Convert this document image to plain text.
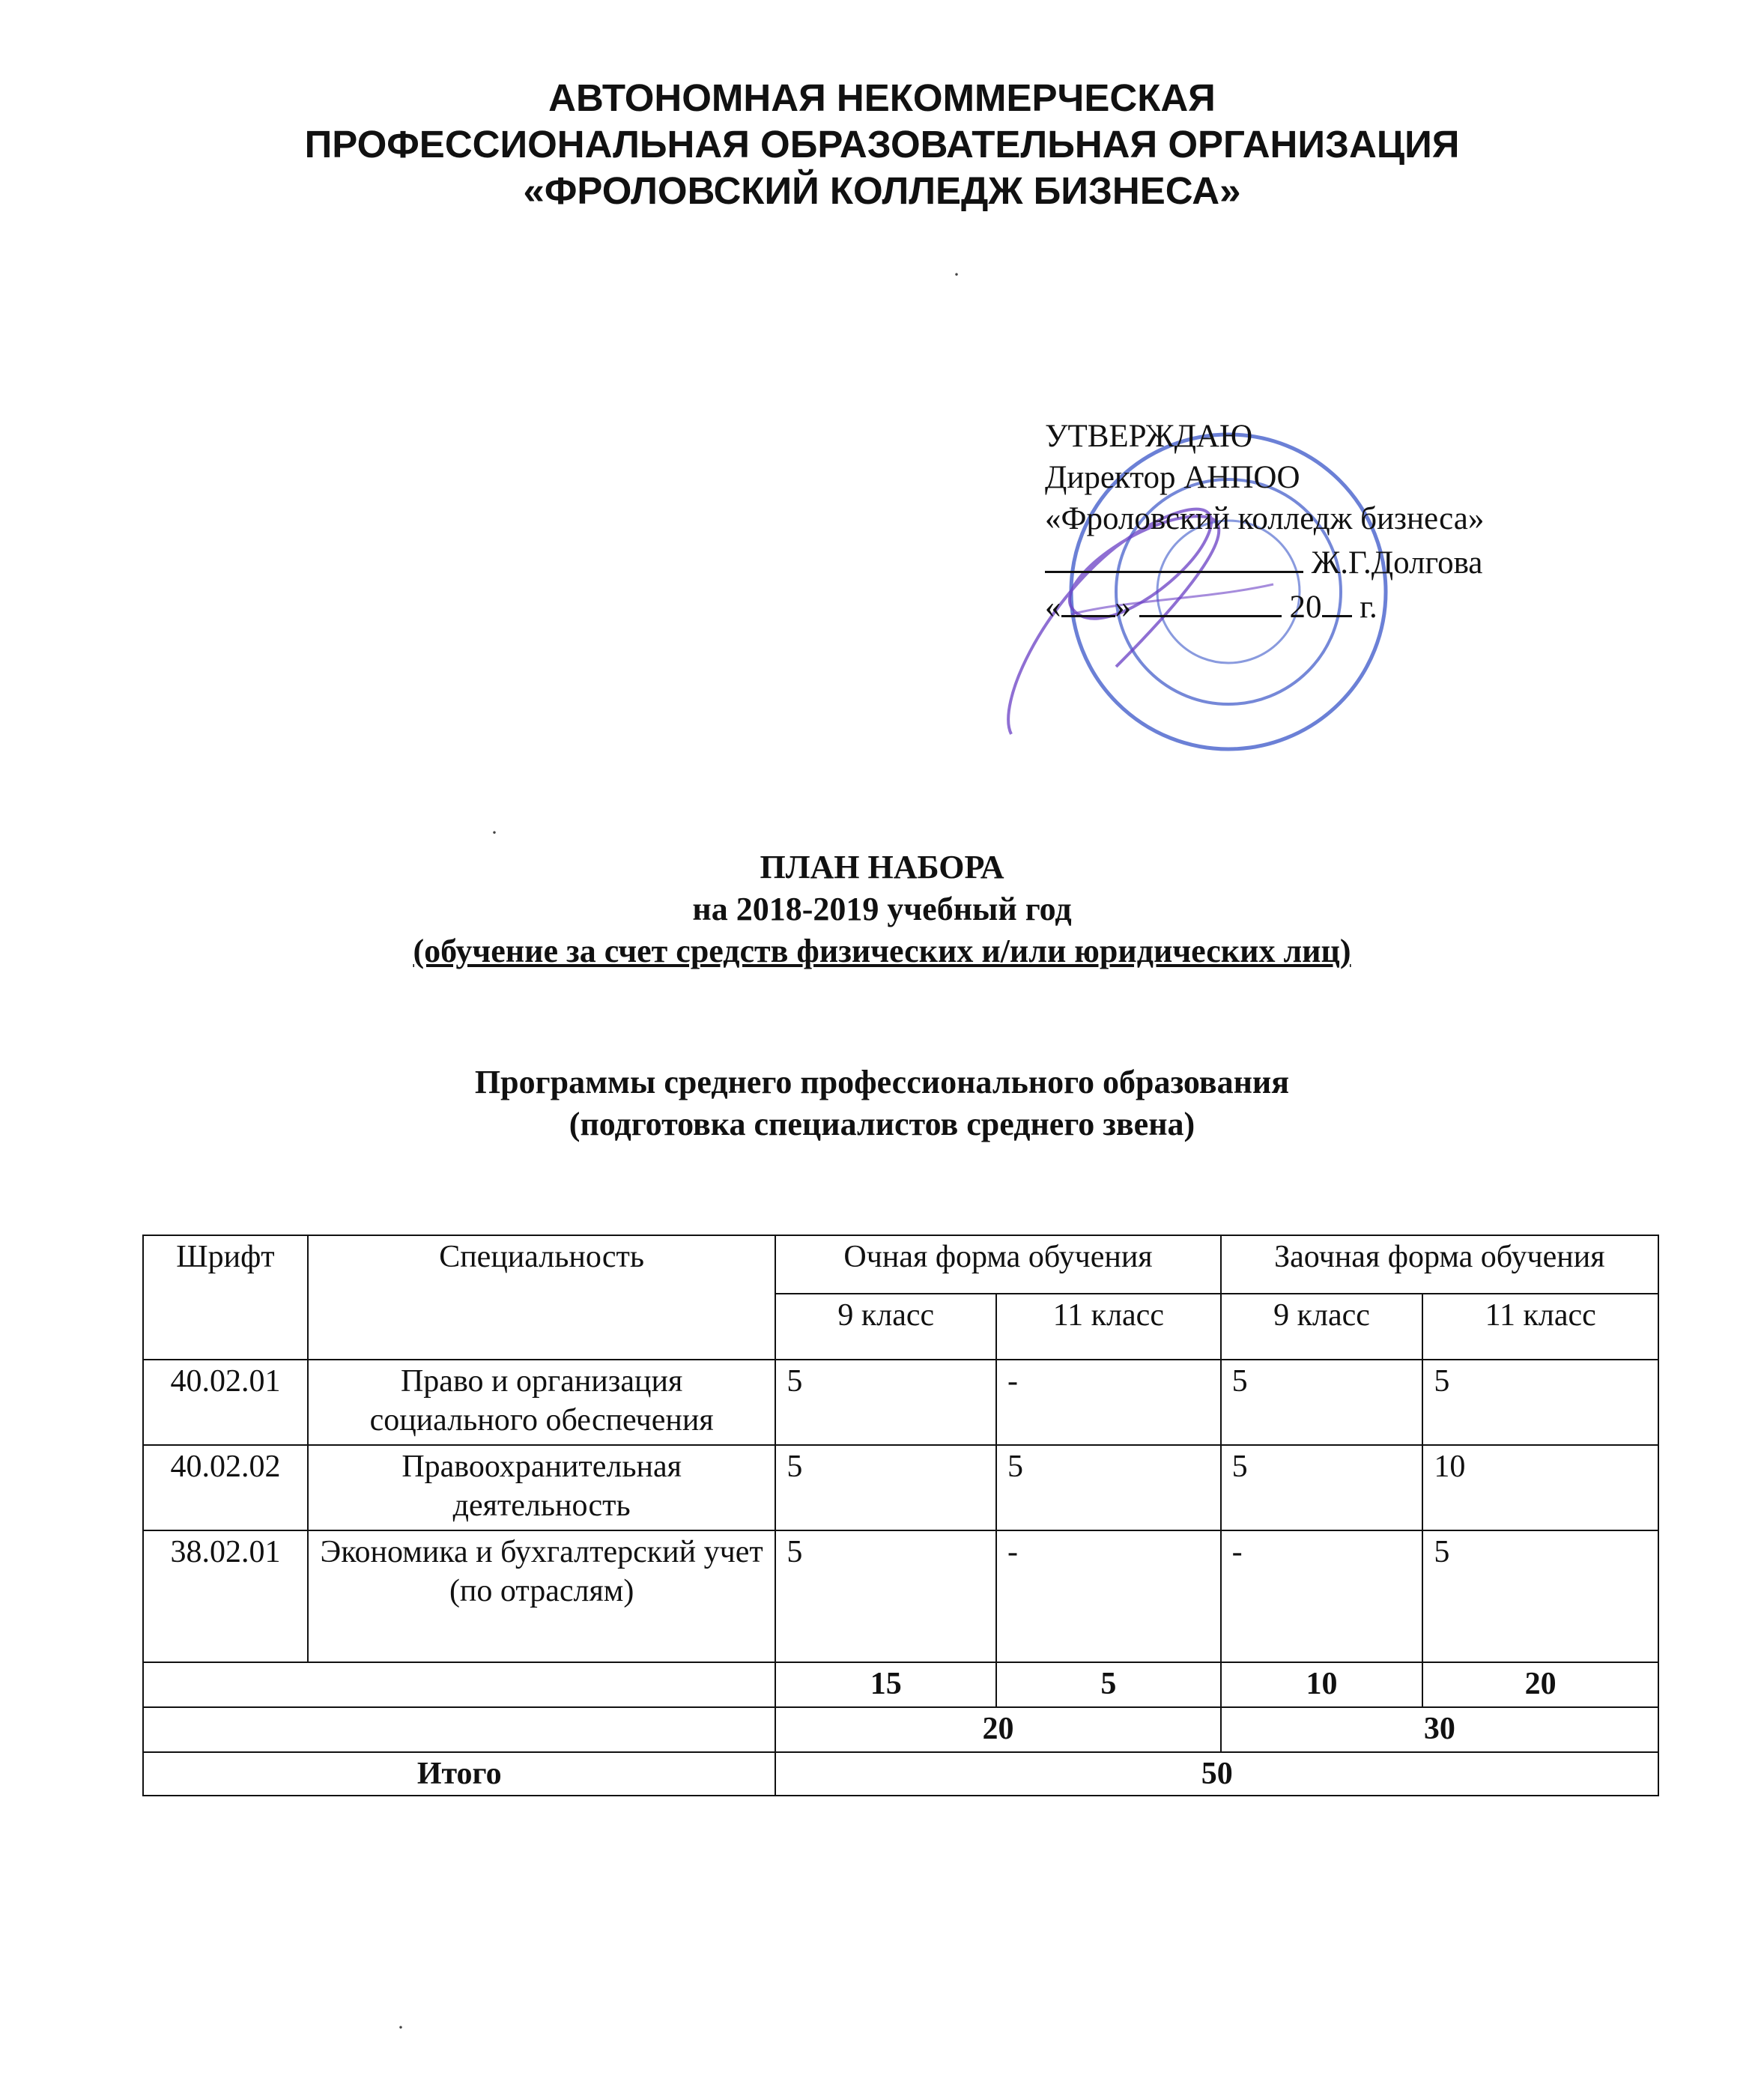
АВТОНОМНАЯ НЕКОММЕРЧЕСКАЯ
ПРОФЕССИОНАЛЬНАЯ ОБРАЗОВАТЕЛЬНАЯ ОРГАНИЗАЦИЯ
«ФРОЛОВСКИЙ КОЛЛЕДЖ БИЗНЕСА»
УТВЕРЖДАЮ
Директор АНПОО
«Фроловский колледж бизнеса»
Ж.Г.Долгова
« »	20 г.
ПЛАН НАБОРА
на 2018-2019 учебный год
(обучение за счет средств физических и/или юридических лиц)
Программы среднего профессионального образования
(подготовка специалистов среднего звена)
Шрифт	Специальность	Очная форма обучения		Заочная форма обучения	
		9 класс	11 класс	9 класс	11 класс
40.02.01	Право и организация социального обеспечения	5	-	5	5
40.02.02	Правоохранительная деятельность	5	5	5	10
38.02.01	Экономика и бухгалтерский учет (по отраслям)	5	-	-	5
		15	5	10	20
		20		30	
Итого		50			
·
·
·
